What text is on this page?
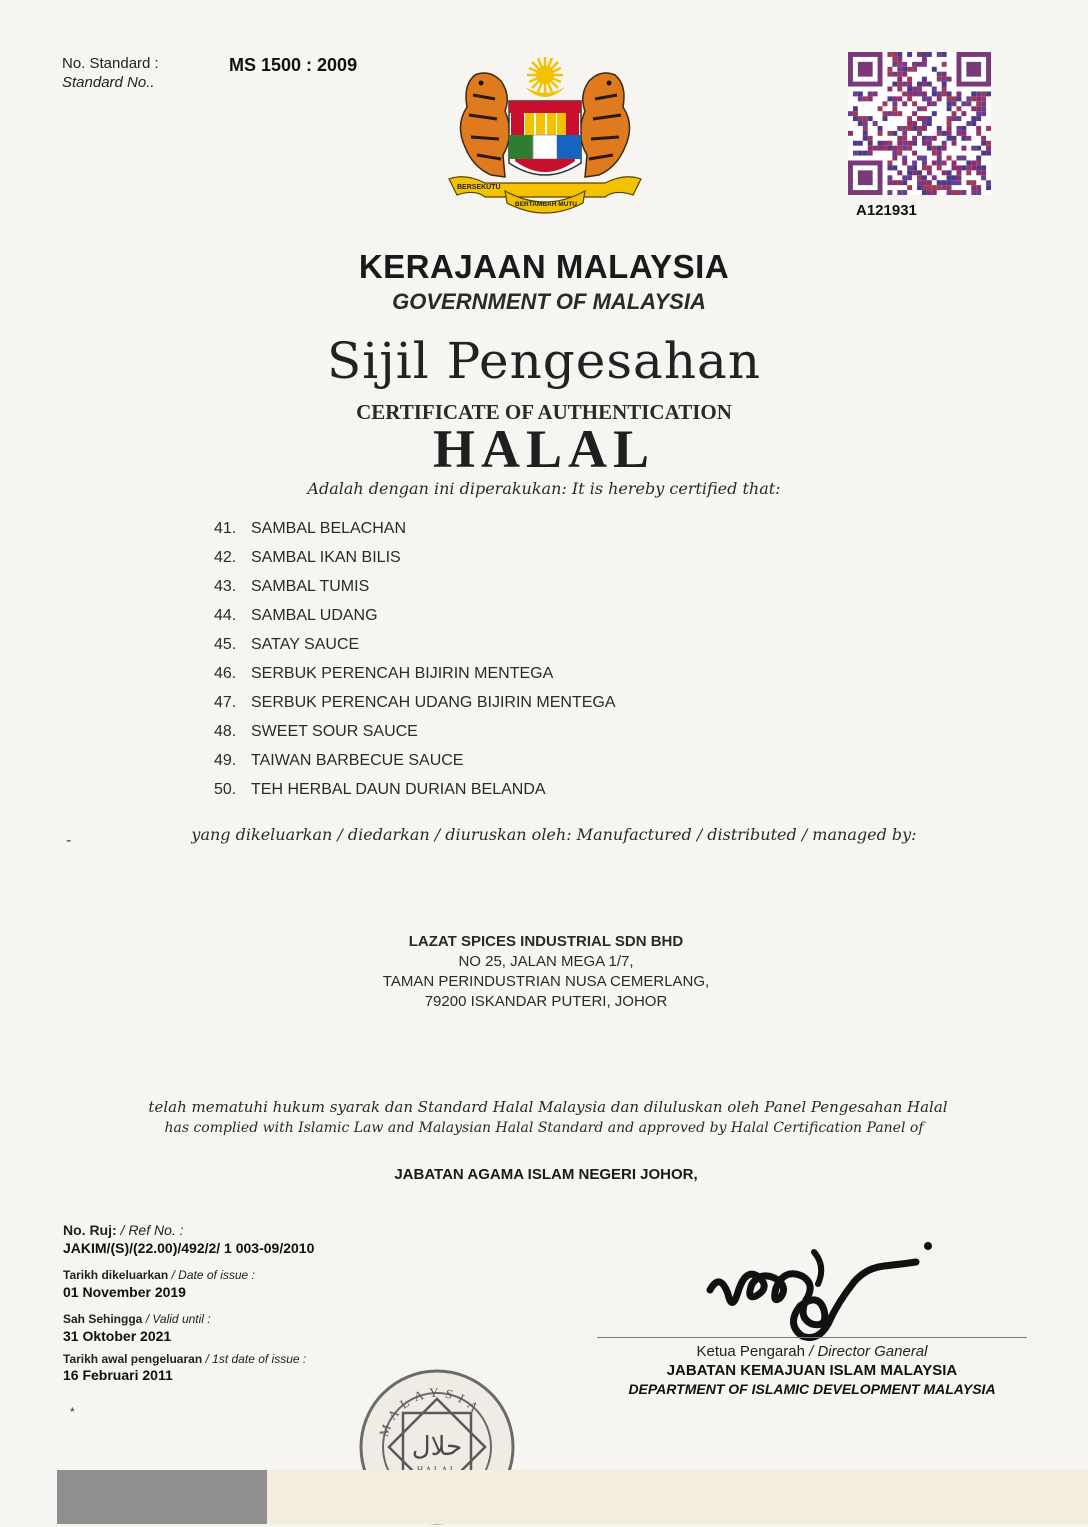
No. Standard :
Standard No..
MS 1500 : 2009
BERSEKUTU
BERTAMBAH MUTU	A121931
KERAJAAN MALAYSIA
GOVERNMENT OF MALAYSIA
Sijil Pengesahan
CERTIFICATE OF AUTHENTICATION
HALAL
Adalah dengan ini diperakukan: It is hereby certified that:
41. SAMBAL BELACHAN
42. SAMBAL IKAN BILIS
43. SAMBAL TUMIS
44. SAMBAL UDANG
45. SATAY SAUCE
46. SERBUK PERENCAH BIJIRIN MENTEGA
47. SERBUK PERENCAH UDANG BIJIRIN MENTEGA
48. SWEET SOUR SAUCE
49. TAIWAN BARBECUE SAUCE
50. TEH HERBAL DAUN DURIAN BELANDA
-	yang dikeluarkan / diedarkan / diuruskan oleh: Manufactured / distributed / managed by:
LAZAT SPICES INDUSTRIAL SDN BHD
NO 25, JALAN MEGA 1/7,
TAMAN PERINDUSTRIAN NUSA CEMERLANG,
79200 ISKANDAR PUTERI, JOHOR
telah mematuhi hukum syarak dan Standard Halal Malaysia dan diluluskan oleh Panel Pengesahan Halal
has complied with Islamic Law and Malaysian Halal Standard and approved by Halal Certification Panel of
JABATAN AGAMA ISLAM NEGERI JOHOR,
No. Ruj: / Ref No. :
JAKIM/(S)/(22.00)/492/2/ 1 003-09/2010
Tarikh dikeluarkan / Date of issue :
01 November 2019
Sah Sehingga / Valid until :
31 Oktober 2021
Tarikh awal pengeluaran / 1st date of issue :
16 Februari 2011
*
Ketua Pengarah / Director Ganeral
JABATAN KEMAJUAN ISLAM MALAYSIA
DEPARTMENT OF ISLAMIC DEVELOPMENT MALAYSIA
MALAYSIA
حلال
